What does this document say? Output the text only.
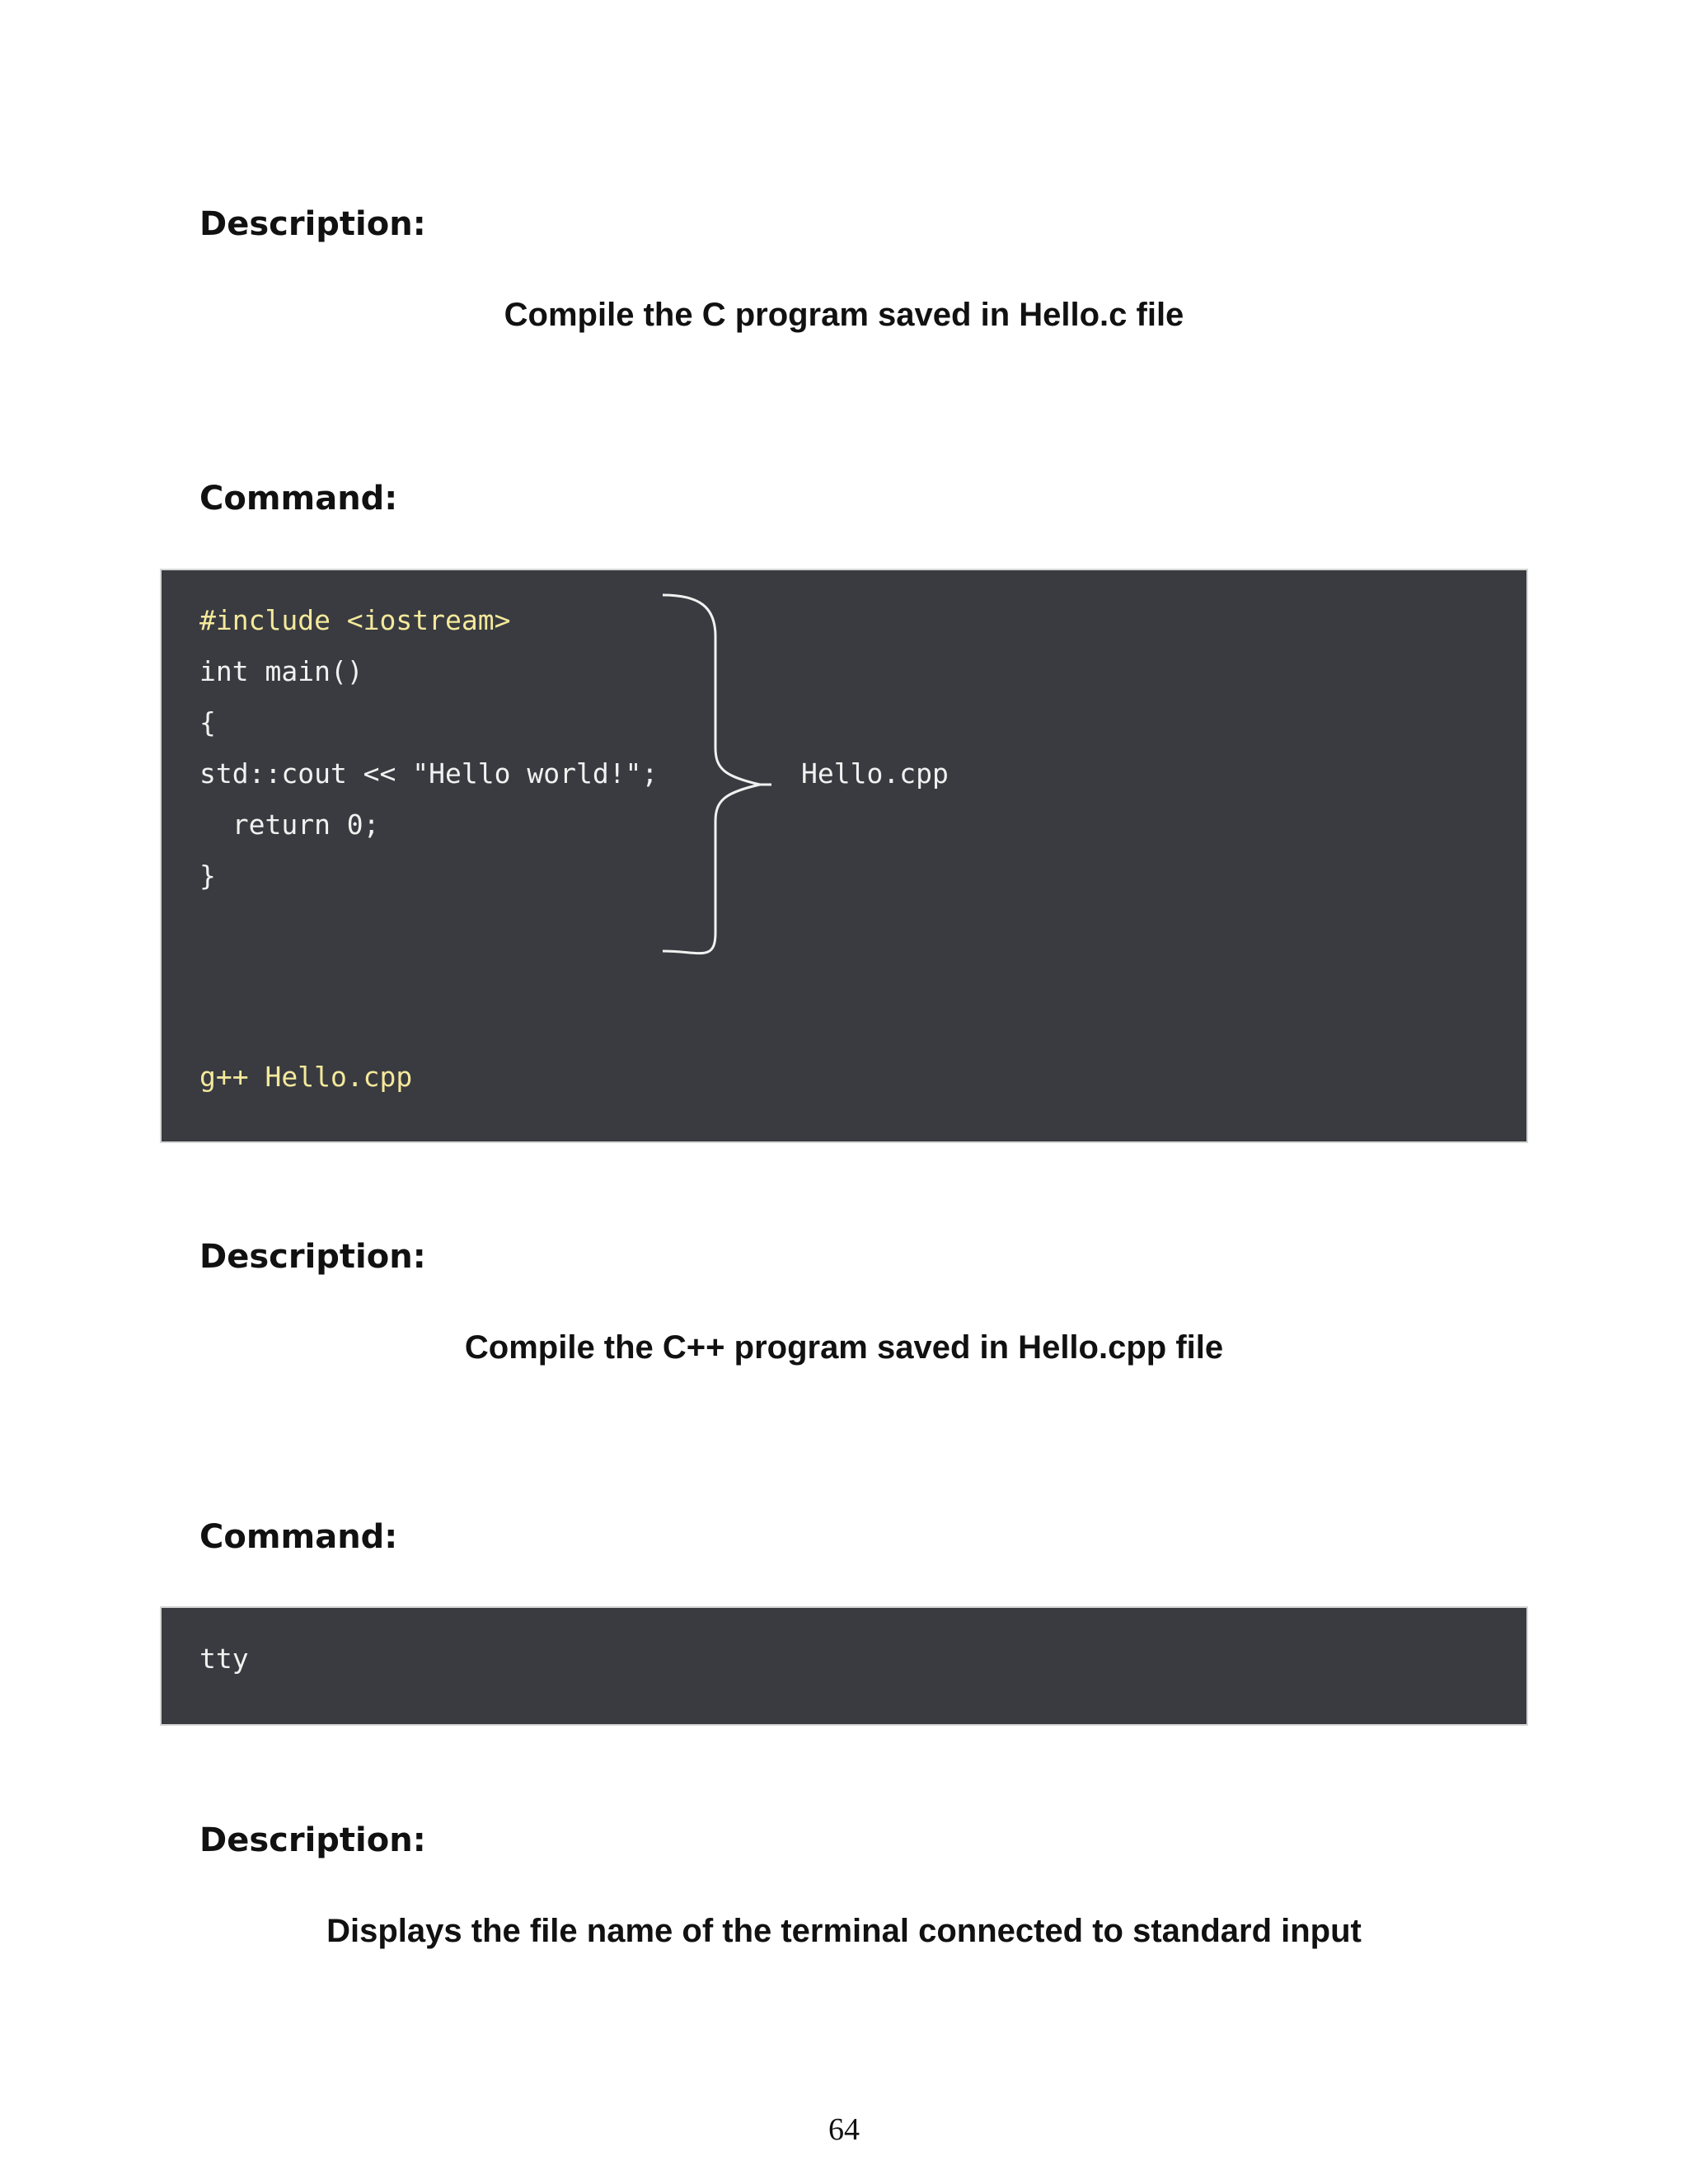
Description:
Compile the C program saved in Hello.c file
Command:
#include <iostream>
int main()
{
std::cout << "Hello world!";
return 0;
}
Hello.cpp
g++ Hello.cpp
Description:
Compile the C++ program saved in Hello.cpp file
Command:
tty
Description:
Displays the file name of the terminal connected to standard input
64
